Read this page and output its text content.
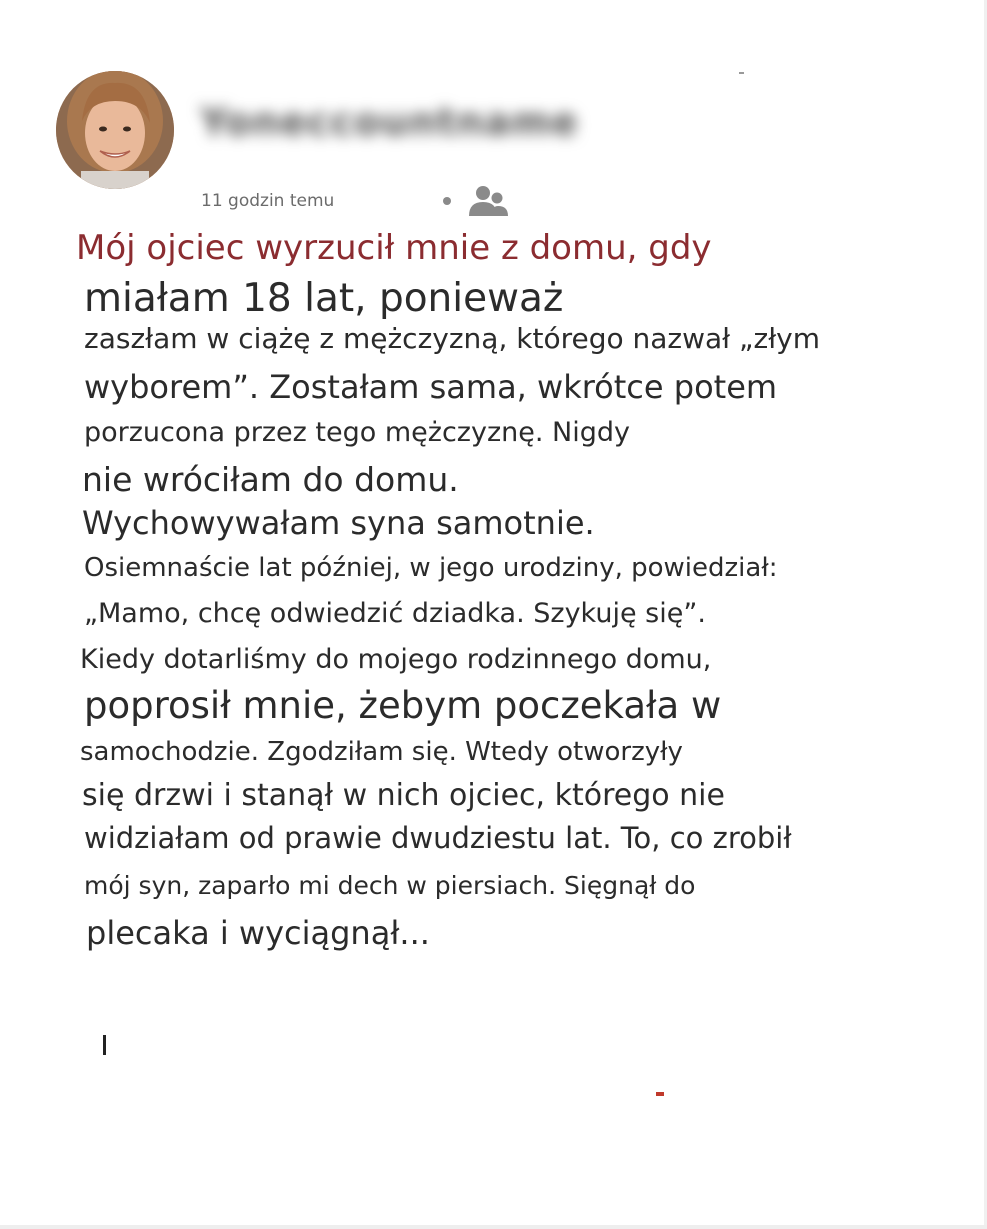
Yoneccountname
11 godzin temu
Mój ojciec wyrzucił mnie z domu, gdy
miałam 18 lat, ponieważ
zaszłam w ciążę z mężczyzną, którego nazwał „złym
wyborem”. Zostałam sama, wkrótce potem
porzucona przez tego mężczyznę. Nigdy
nie wróciłam do domu.
Wychowywałam syna samotnie.
Osiemnaście lat później, w jego urodziny, powiedział:
„Mamo, chcę odwiedzić dziadka. Szykuję się”.
Kiedy dotarliśmy do mojego rodzinnego domu,
poprosił mnie, żebym poczekała w
samochodzie. Zgodziłam się. Wtedy otworzyły
się drzwi i stanął w nich ojciec, którego nie
widziałam od prawie dwudziestu lat. To, co zrobił
mój syn, zaparło mi dech w piersiach. Sięgnął do
plecaka i wyciągnął...
